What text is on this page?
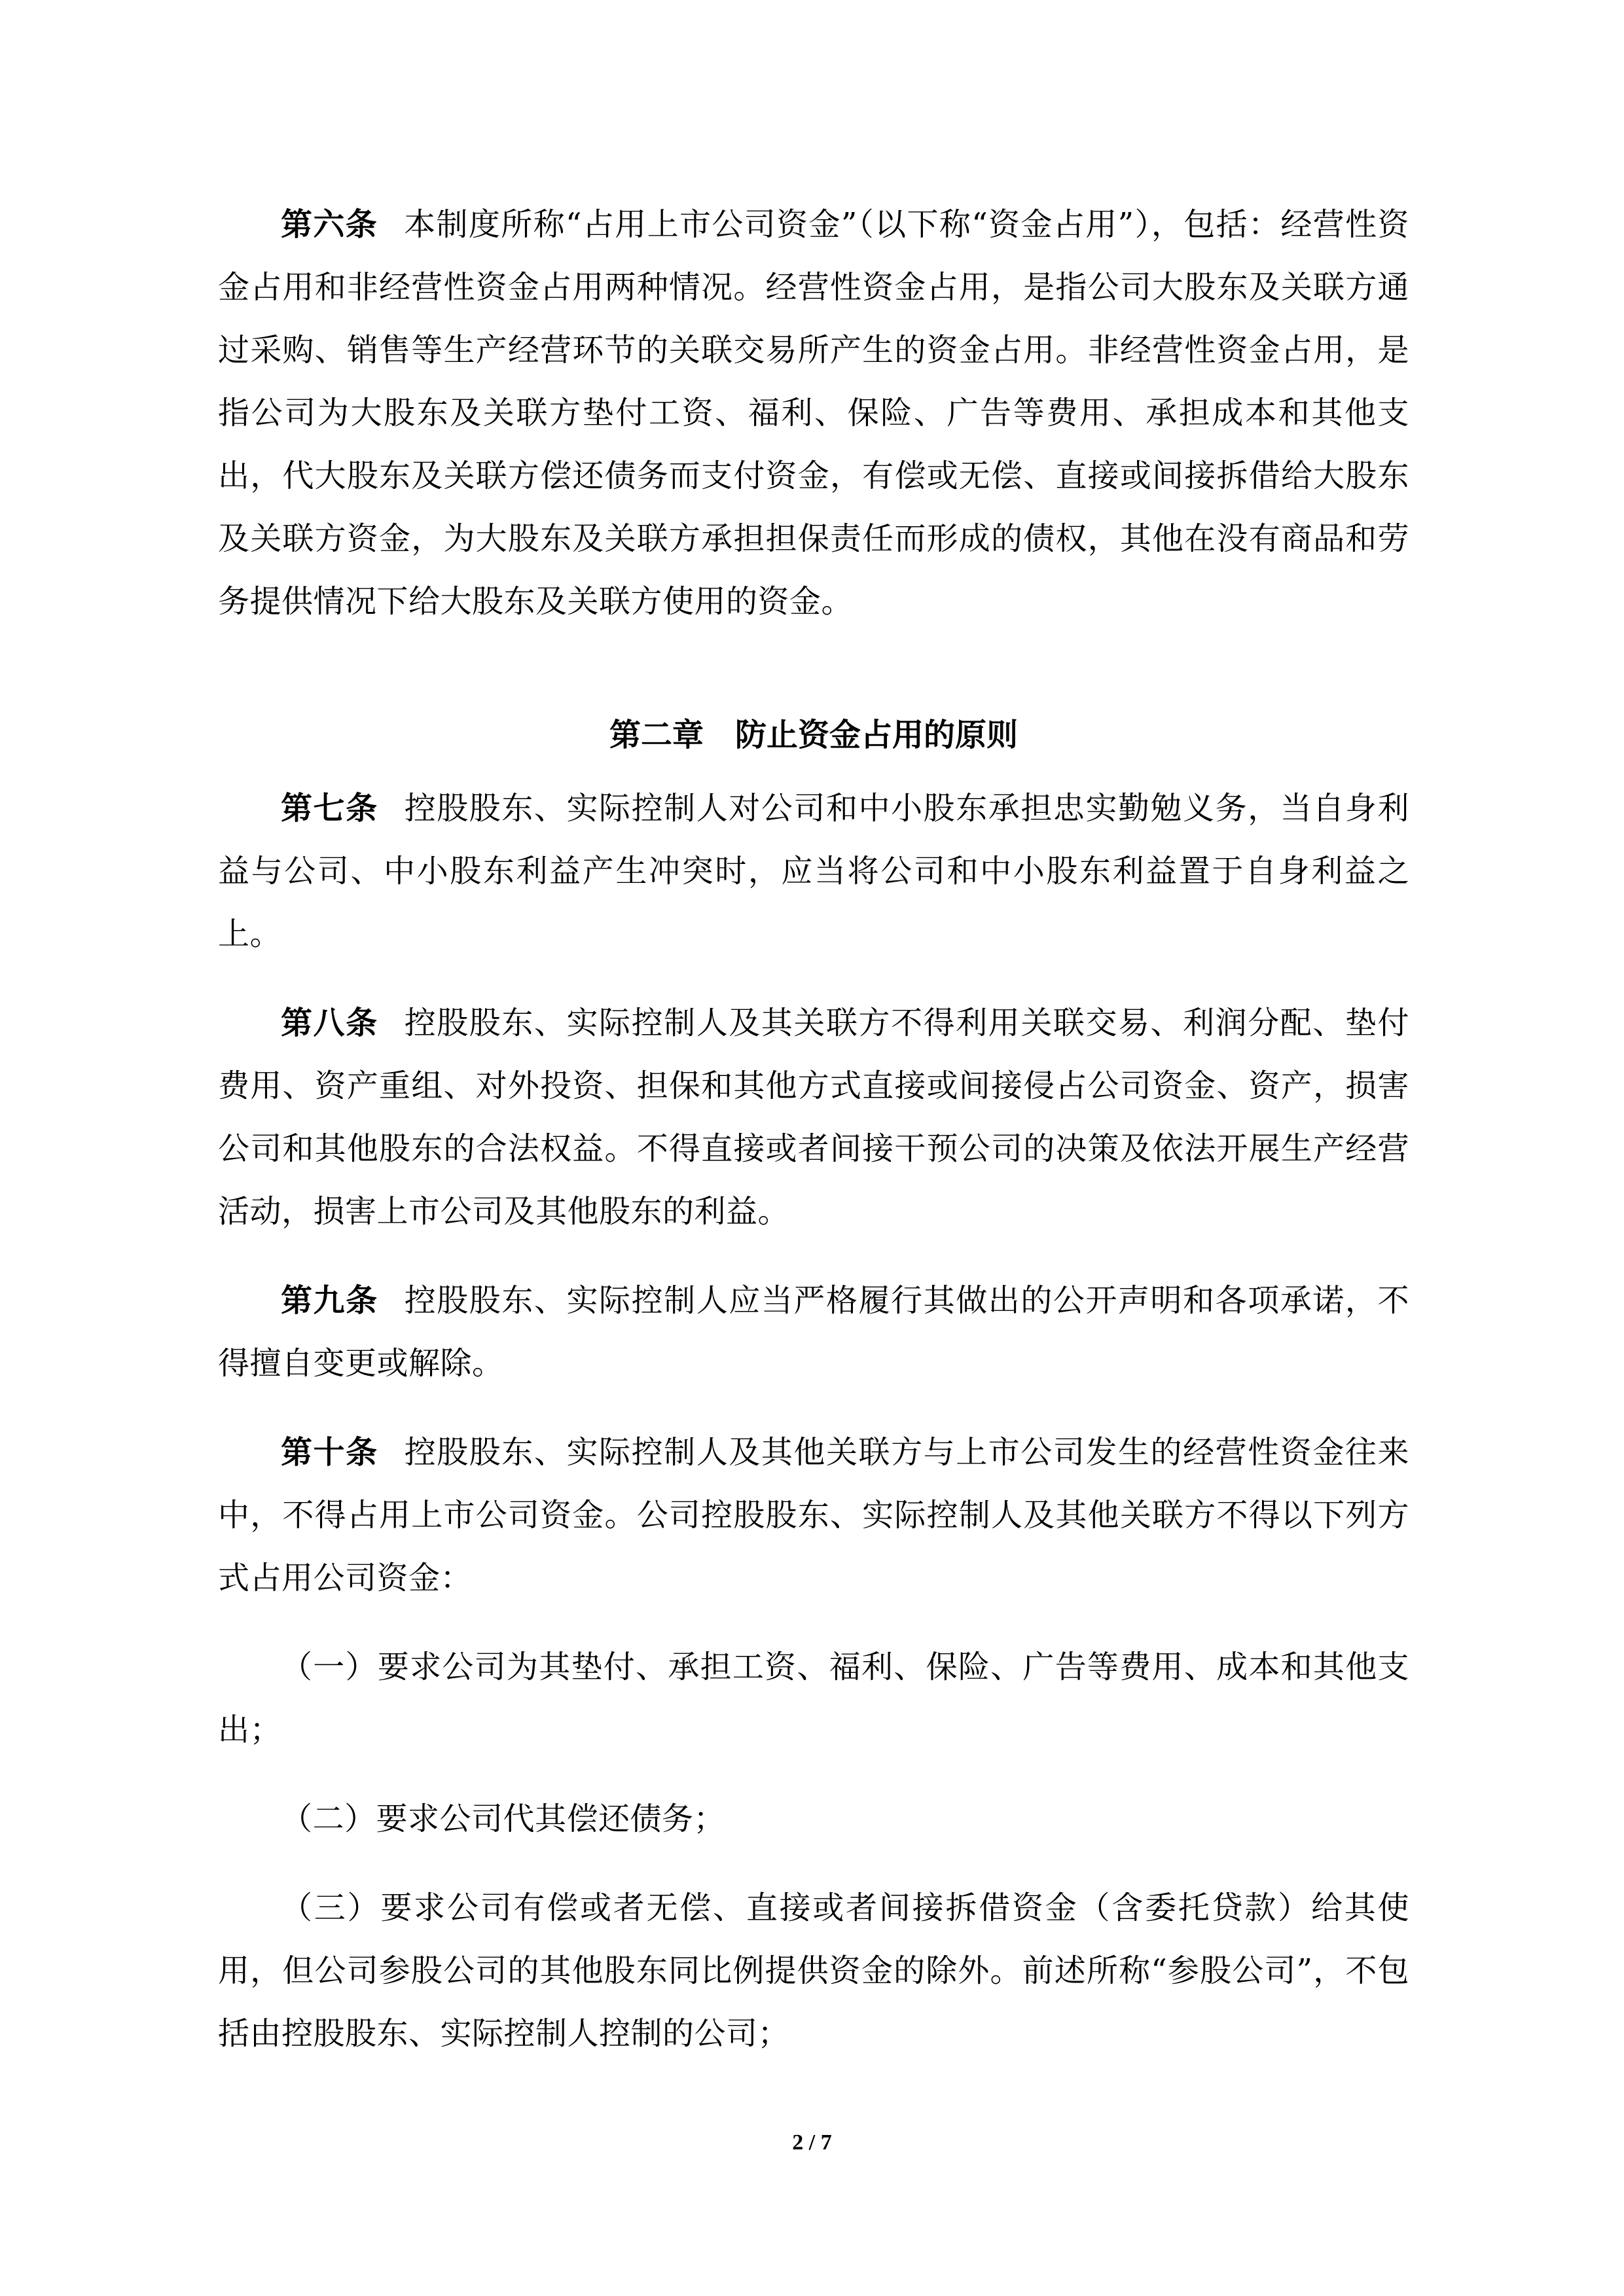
第六条 本制度所称“占用上市公司资金”（以下称“资金占用”），包括：经营性资金占用和非经营性资金占用两种情况。经营性资金占用，是指公司大股东及关联方通过采购、销售等生产经营环节的关联交易所产生的资金占用。非经营性资金占用，是指公司为大股东及关联方垫付工资、福利、保险、广告等费用、承担成本和其他支出，代大股东及关联方偿还债务而支付资金，有偿或无偿、直接或间接拆借给大股东及关联方资金，为大股东及关联方承担担保责任而形成的债权，其他在没有商品和劳务提供情况下给大股东及关联方使用的资金。

第二章 防止资金占用的原则

第七条 控股股东、实际控制人对公司和中小股东承担忠实勤勉义务，当自身利益与公司、中小股东利益产生冲突时，应当将公司和中小股东利益置于自身利益之上。

第八条 控股股东、实际控制人及其关联方不得利用关联交易、利润分配、垫付费用、资产重组、对外投资、担保和其他方式直接或间接侵占公司资金、资产，损害公司和其他股东的合法权益。不得直接或者间接干预公司的决策及依法开展生产经营活动，损害上市公司及其他股东的利益。

第九条 控股股东、实际控制人应当严格履行其做出的公开声明和各项承诺，不得擅自变更或解除。

第十条 控股股东、实际控制人及其他关联方与上市公司发生的经营性资金往来中，不得占用上市公司资金。公司控股股东、实际控制人及其他关联方不得以下列方式占用公司资金：

（一）要求公司为其垫付、承担工资、福利、保险、广告等费用、成本和其他支出；

（二）要求公司代其偿还债务；

（三）要求公司有偿或者无偿、直接或者间接拆借资金（含委托贷款）给其使用，但公司参股公司的其他股东同比例提供资金的除外。前述所称“参股公司”，不包括由控股股东、实际控制人控制的公司；

2 / 7
